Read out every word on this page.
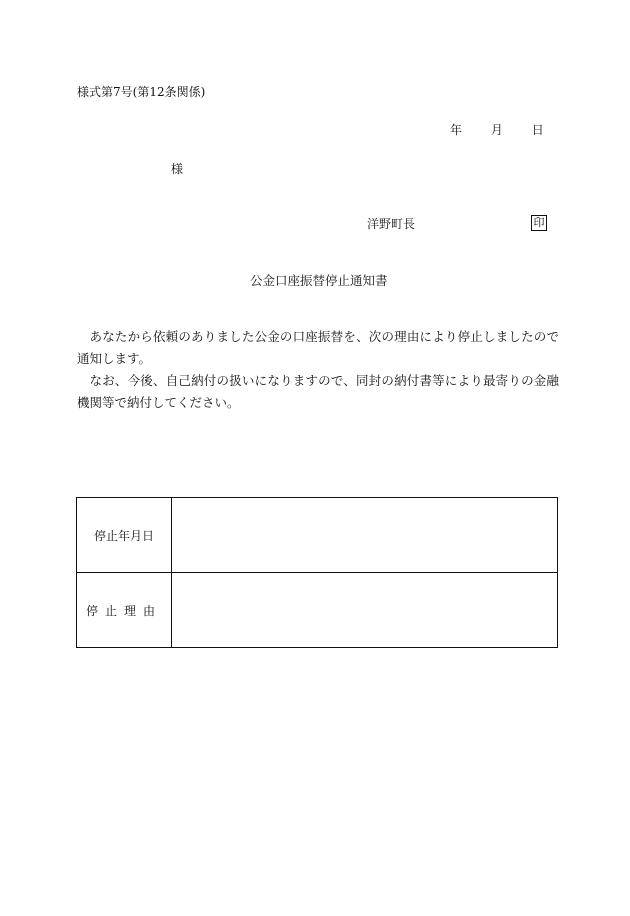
様式第7号(第12条関係)
年 月 日
様
洋野町長	印
公金口座振替停止通知書

あなたから依頼のありました公金の口座振替を、次の理由により停止しましたので通知します。

なお、今後、自己納付の扱いになりますので、同封の納付書等により最寄りの金融機関等で納付してください。

停止年月日	
停止理由	
